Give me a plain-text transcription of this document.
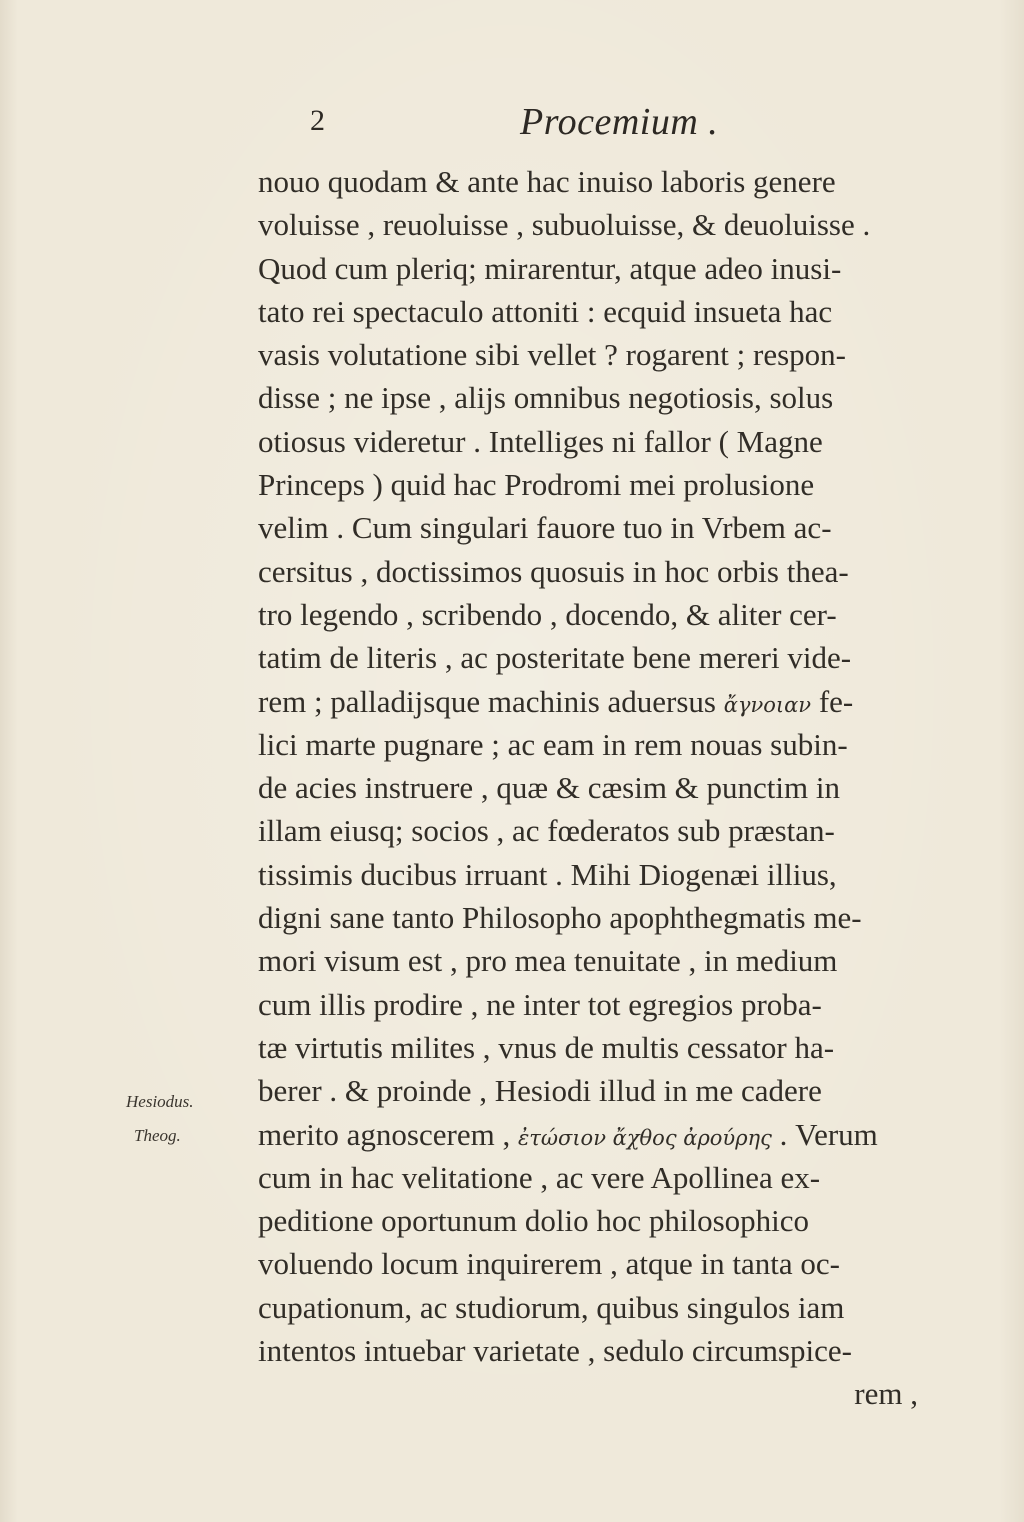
2	Procemium .
Hesiodus.
Theog.
nouo quodam & ante hac inuiso laboris genere
voluisse , reuoluisse , subuoluisse, & deuoluisse .
Quod cum pleriq; mirarentur, atque adeo inusi-
tato rei spectaculo attoniti : ecquid insueta hac
vasis volutatione sibi vellet ? rogarent ; respon-
disse ; ne ipse , alijs omnibus negotiosis, solus
otiosus videretur . Intelliges ni fallor ( Magne
Princeps ) quid hac Prodromi mei prolusione
velim . Cum singulari fauore tuo in Vrbem ac-
cersitus , doctissimos quosuis in hoc orbis thea-
tro legendo , scribendo , docendo, & aliter cer-
tatim de literis , ac posteritate bene mereri vide-
rem ; palladijsque machinis aduersus ἄγνοιαν fe-
lici marte pugnare ; ac eam in rem nouas subin-
de acies instruere , quæ & cæsim & punctim in
illam eiusq; socios , ac fœderatos sub præstan-
tissimis ducibus irruant . Mihi Diogenæi illius,
digni sane tanto Philosopho apophthegmatis me-
mori visum est , pro mea tenuitate , in medium
cum illis prodire , ne inter tot egregios proba-
tæ virtutis milites , vnus de multis cessator ha-
berer . & proinde , Hesiodi illud in me cadere
merito agnoscerem , ἐτώσιον ἄχθος ἀρούρης . Verum
cum in hac velitatione , ac vere Apollinea ex-
peditione oportunum dolio hoc philosophico
voluendo locum inquirerem , atque in tanta oc-
cupationum, ac studiorum, quibus singulos iam
intentos intuebar varietate , sedulo circumspice-
rem ,
